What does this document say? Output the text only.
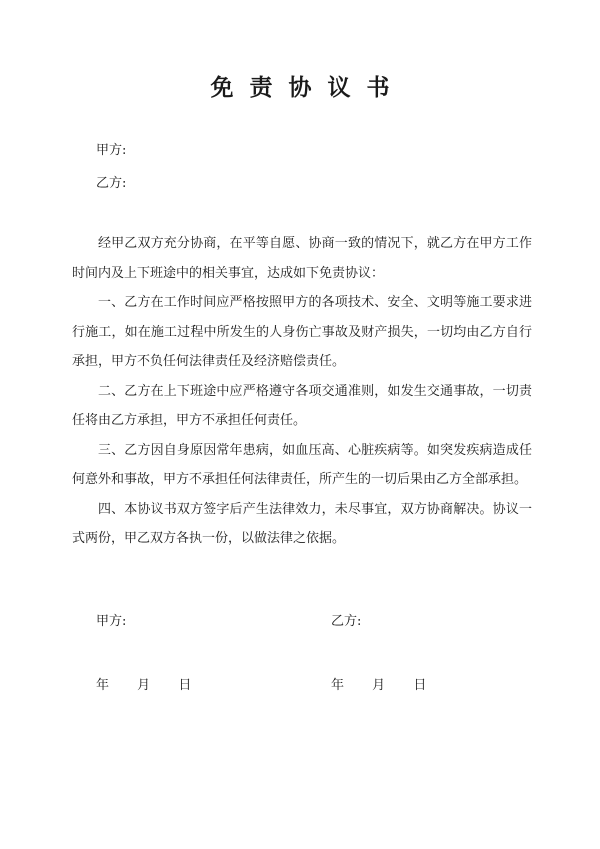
免责协议书
甲方:
乙方:

经甲乙双方充分协商，在平等自愿、协商一致的情况下，就乙方在甲方工作时间内及上下班途中的相关事宜，达成如下免责协议：

一、乙方在工作时间应严格按照甲方的各项技术、安全、文明等施工要求进行施工，如在施工过程中所发生的人身伤亡事故及财产损失，一切均由乙方自行承担，甲方不负任何法律责任及经济赔偿责任。

二、乙方在上下班途中应严格遵守各项交通准则，如发生交通事故，一切责任将由乙方承担，甲方不承担任何责任。

三、乙方因自身原因常年患病，如血压高、心脏疾病等。如突发疾病造成任何意外和事故，甲方不承担任何法律责任，所产生的一切后果由乙方全部承担。

四、本协议书双方签字后产生法律效力，未尽事宜，双方协商解决。协议一式两份，甲乙双方各执一份，以做法律之依据。

甲方:	乙方:
年 月 日	年 月 日
